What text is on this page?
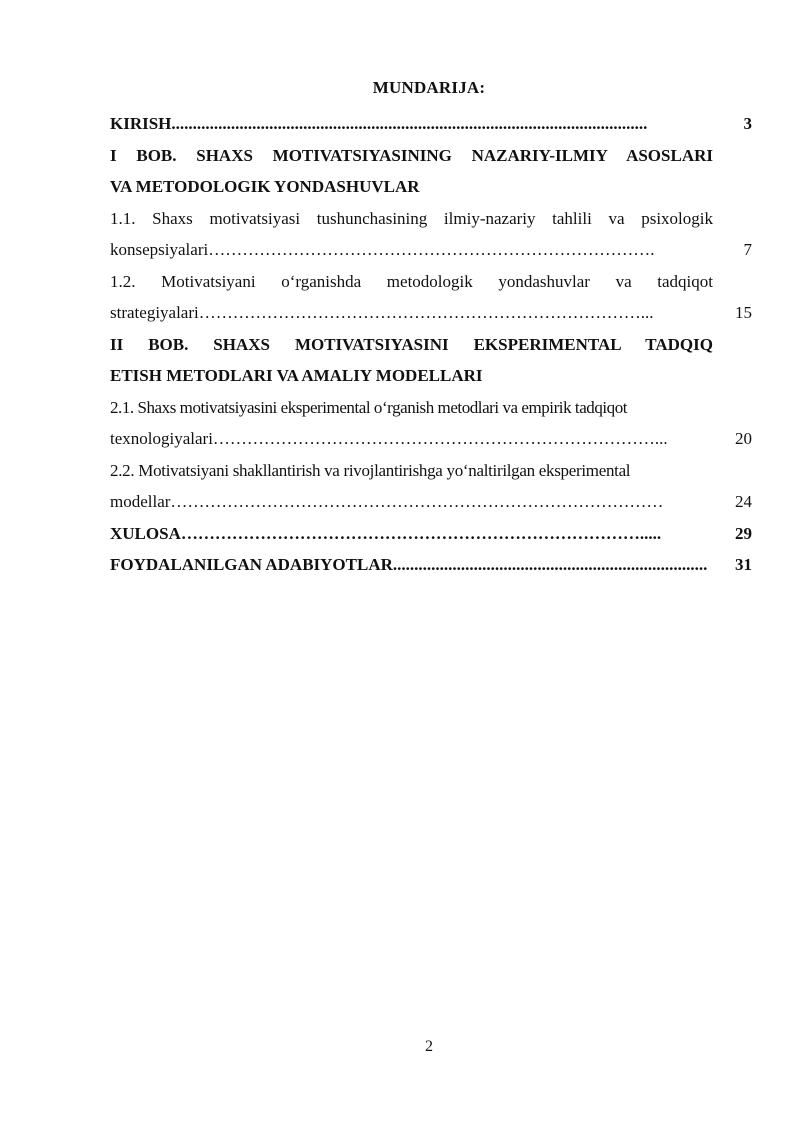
MUNDARIJA:
KIRISH................................................................................................................	3
I BOB. SHAXS MOTIVATSIYASINING NAZARIY-ILMIY ASOSLARI
VA METODOLOGIK YONDASHUVLAR
1.1. Shaxs motivatsiyasi tushunchasining ilmiy-nazariy tahlili va psixologik
konsepsiyalari…………………………………………………………………….	7
1.2. Motivatsiyani o‘rganishda metodologik yondashuvlar va tadqiqot
strategiyalari……………………………………………………………………...	15
II BOB. SHAXS MOTIVATSIYASINI EKSPERIMENTAL TADQIQ
ETISH METODLARI VA AMALIY MODELLARI
2.1. Shaxs motivatsiyasini eksperimental o‘rganish metodlari va empirik tadqiqot
texnologiyalari……………………………………………………………………...	20
2.2. Motivatsiyani shakllantirish va rivojlantirishga yo‘naltirilgan eksperimental
modellar……………………………………………………………………………	24
XULOSA……………………………………………………………………….....	29
FOYDALANILGAN ADABIYOTLAR..........................................................................	31
2
